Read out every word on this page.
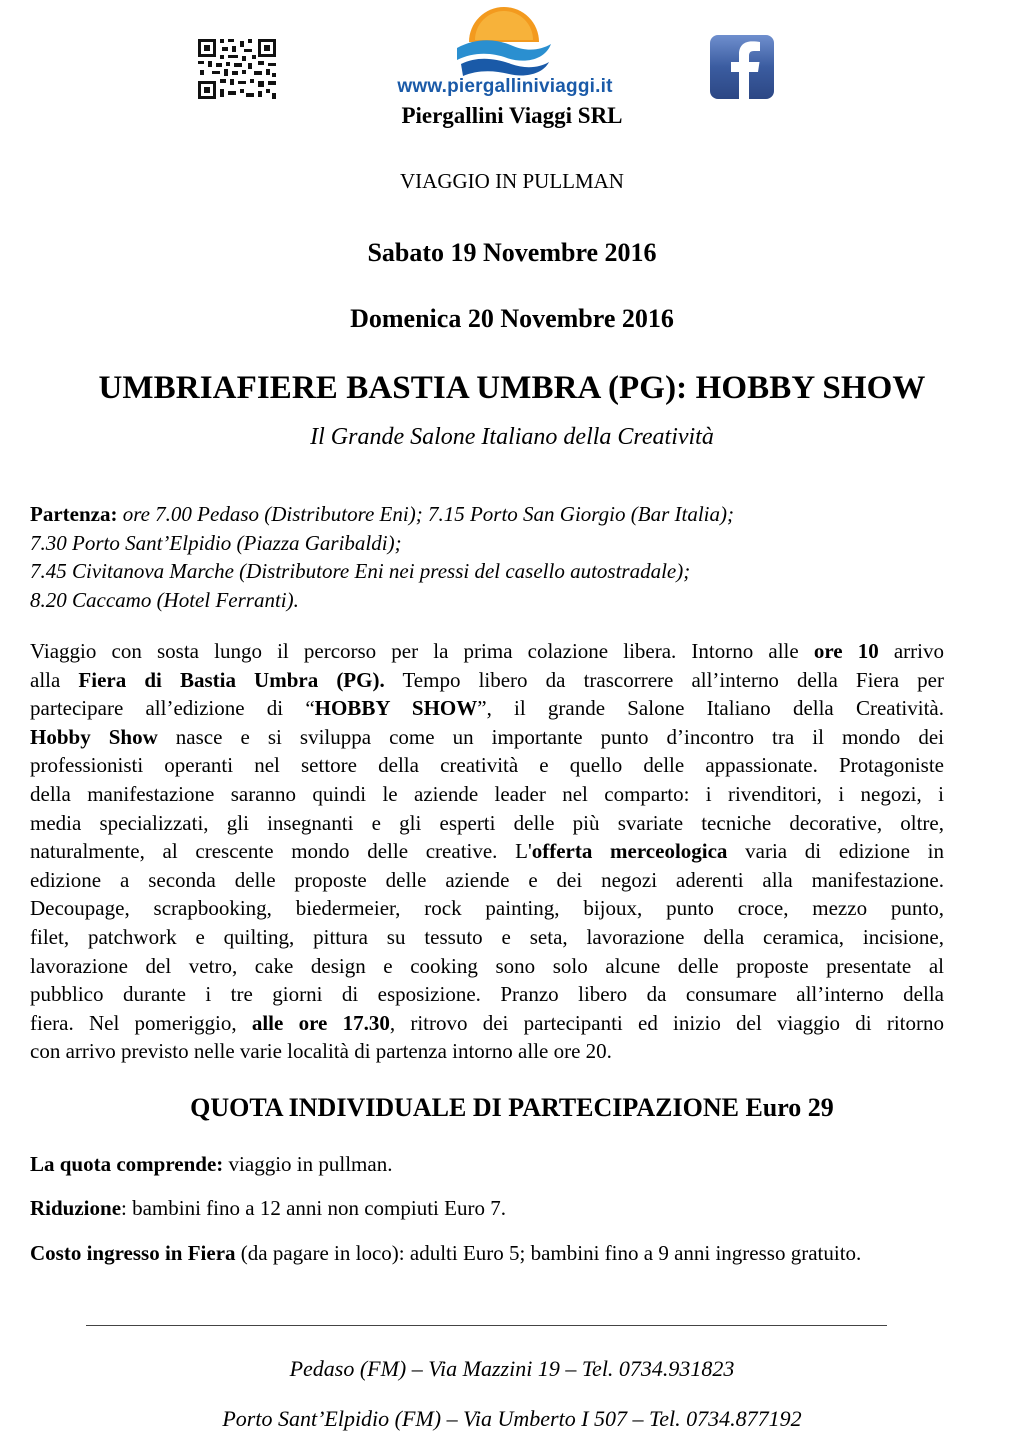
www.piergalliniviaggi.it
Piergallini Viaggi SRL
VIAGGIO IN PULLMAN
Sabato 19 Novembre 2016
Domenica 20 Novembre 2016
UMBRIAFIERE BASTIA UMBRA (PG): HOBBY SHOW
Il Grande Salone Italiano della Creatività
Partenza: ore 7.00 Pedaso (Distributore Eni); 7.15 Porto San Giorgio (Bar Italia);
7.30 Porto Sant’Elpidio (Piazza Garibaldi);
7.45 Civitanova Marche (Distributore Eni nei pressi del casello autostradale);
8.20 Caccamo (Hotel Ferranti).
Viaggio con sosta lungo il percorso per la prima colazione libera. Intorno alle ore 10 arrivo
alla Fiera di Bastia Umbra (PG). Tempo libero da trascorrere all’interno della Fiera per
partecipare all’edizione di “HOBBY SHOW”, il grande Salone Italiano della Creatività.
Hobby Show nasce e si sviluppa come un importante punto d’incontro tra il mondo dei
professionisti operanti nel settore della creatività e quello delle appassionate. Protagoniste
della manifestazione saranno quindi le aziende leader nel comparto: i rivenditori, i negozi, i
media specializzati, gli insegnanti e gli esperti delle più svariate tecniche decorative, oltre,
naturalmente, al crescente mondo delle creative. L'offerta merceologica varia di edizione in
edizione a seconda delle proposte delle aziende e dei negozi aderenti alla manifestazione.
Decoupage, scrapbooking, biedermeier, rock painting, bijoux, punto croce, mezzo punto,
filet, patchwork e quilting, pittura su tessuto e seta, lavorazione della ceramica, incisione,
lavorazione del vetro, cake design e cooking sono solo alcune delle proposte presentate al
pubblico durante i tre giorni di esposizione. Pranzo libero da consumare all’interno della
fiera. Nel pomeriggio, alle ore 17.30, ritrovo dei partecipanti ed inizio del viaggio di ritorno
con arrivo previsto nelle varie località di partenza intorno alle ore 20.
QUOTA INDIVIDUALE DI PARTECIPAZIONE Euro 29
La quota comprende: viaggio in pullman.
Riduzione: bambini fino a 12 anni non compiuti Euro 7.
Costo ingresso in Fiera (da pagare in loco): adulti Euro 5; bambini fino a 9 anni ingresso gratuito.
Pedaso (FM) – Via Mazzini 19 – Tel. 0734.931823
Porto Sant’Elpidio (FM) – Via Umberto I 507 – Tel. 0734.877192
